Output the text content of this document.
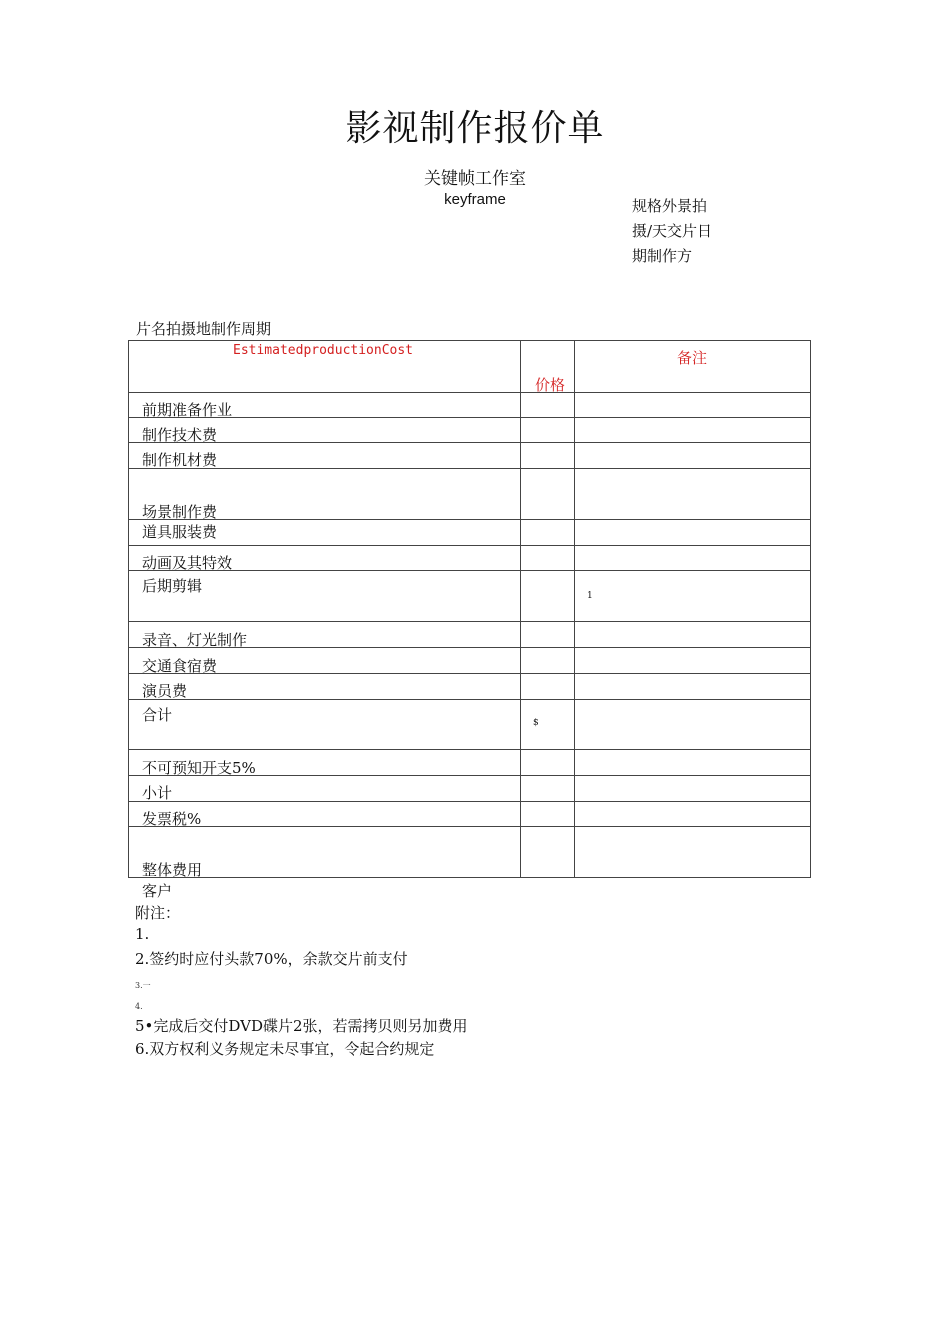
影视制作报价单
关键帧工作室
keyframe	规格外景拍
摄/天交片日
期制作方
片名拍摄地制作周期
EstimatedproductionCost	价格	备注

前期准备作业		

制作技术费		

制作机材费		

场景制作费		

道具服装费		

动画及其特效		

后期剪辑		1

录音、灯光制作		

交通食宿费		

演员费		

合计	$	

不可预知开支5%		

小计		

发票税%		

整体费用		

客户
附注：
1.
2.签约时应付头款70%，余款交片前支付
3.一
4.
5•完成后交付DVD碟片2张，若需拷贝则另加费用
6.双方权利义务规定未尽事宜，令起合约规定
